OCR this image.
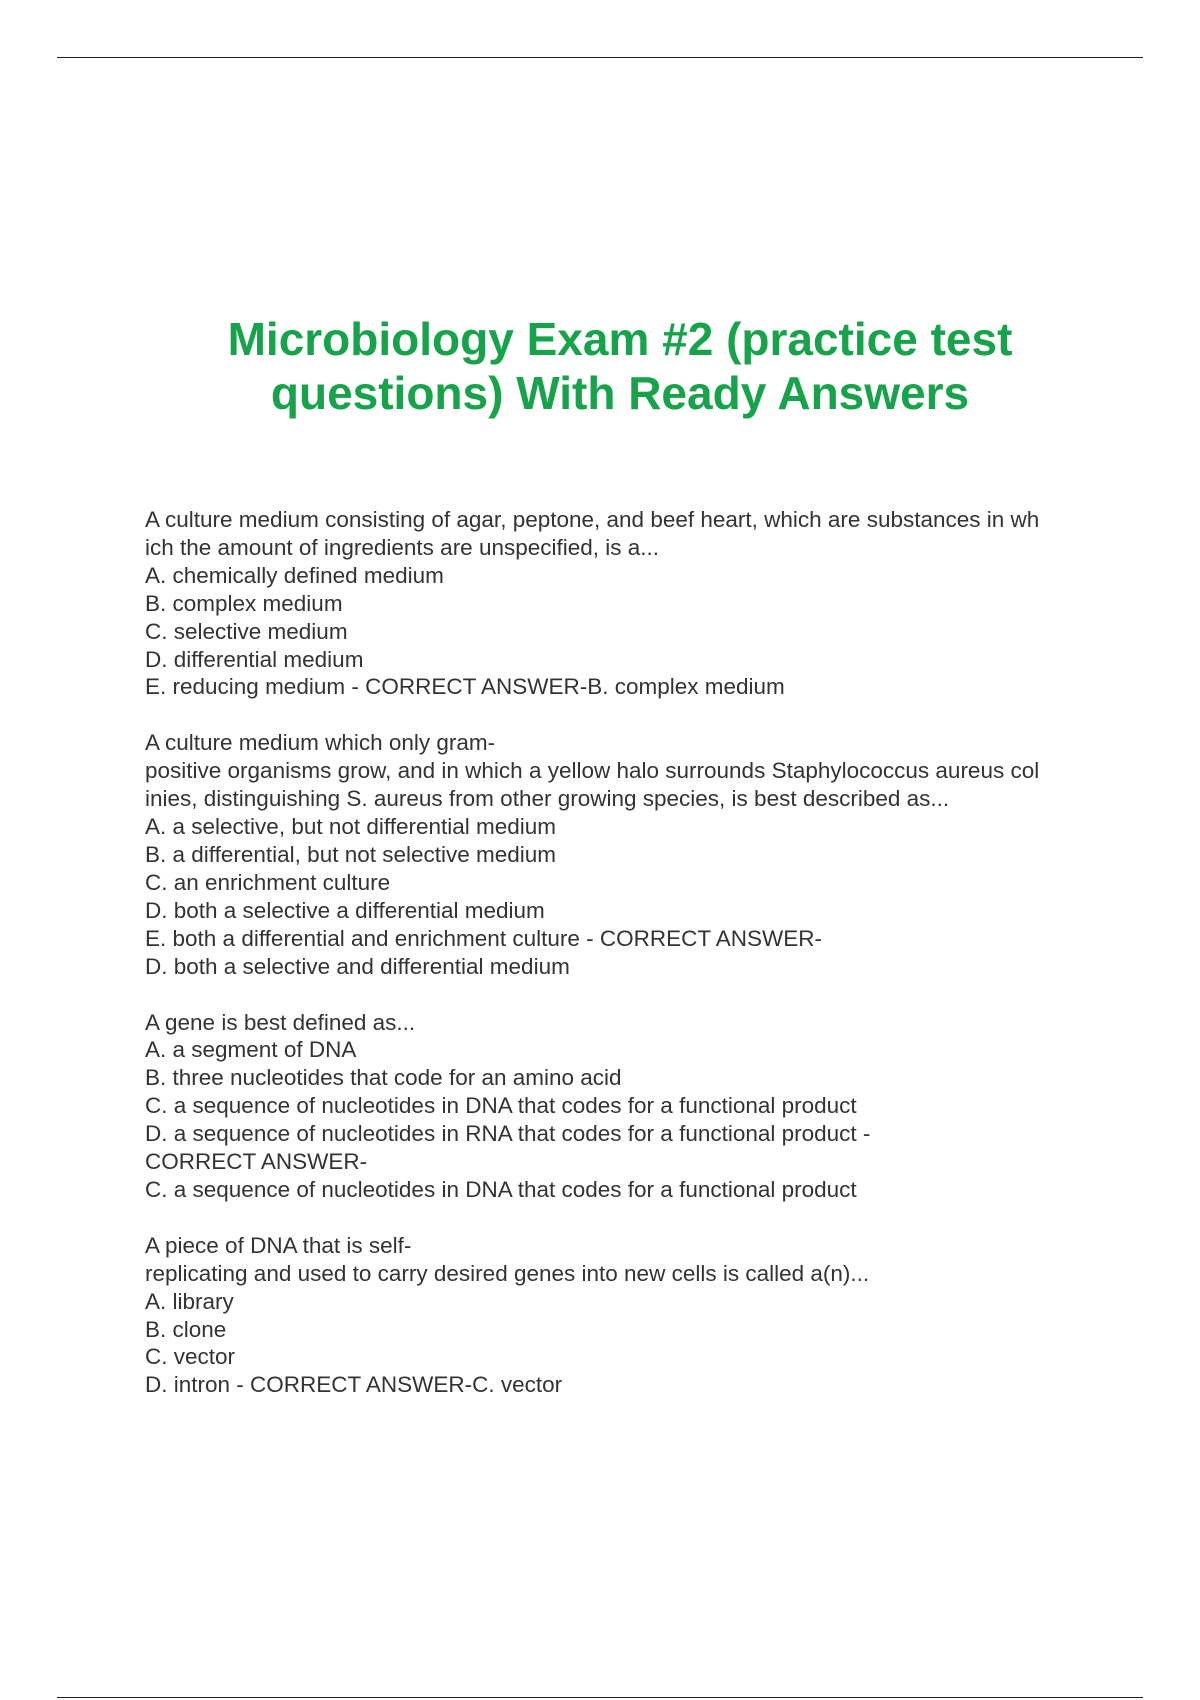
Microbiology Exam #2 (practice test
questions) With Ready Answers
A culture medium consisting of agar, peptone, and beef heart, which are substances in wh
ich the amount of ingredients are unspecified, is a...
A. chemically defined medium
B. complex medium
C. selective medium
D. differential medium
E. reducing medium - CORRECT ANSWER-B. complex medium
A culture medium which only gram-
positive organisms grow, and in which a yellow halo surrounds Staphylococcus aureus col
inies, distinguishing S. aureus from other growing species, is best described as...
A. a selective, but not differential medium
B. a differential, but not selective medium
C. an enrichment culture
D. both a selective a differential medium
E. both a differential and enrichment culture - CORRECT ANSWER-
D. both a selective and differential medium
A gene is best defined as...
A. a segment of DNA
B. three nucleotides that code for an amino acid
C. a sequence of nucleotides in DNA that codes for a functional product
D. a sequence of nucleotides in RNA that codes for a functional product -
CORRECT ANSWER-
C. a sequence of nucleotides in DNA that codes for a functional product
A piece of DNA that is self-
replicating and used to carry desired genes into new cells is called a(n)...
A. library
B. clone
C. vector
D. intron - CORRECT ANSWER-C. vector
